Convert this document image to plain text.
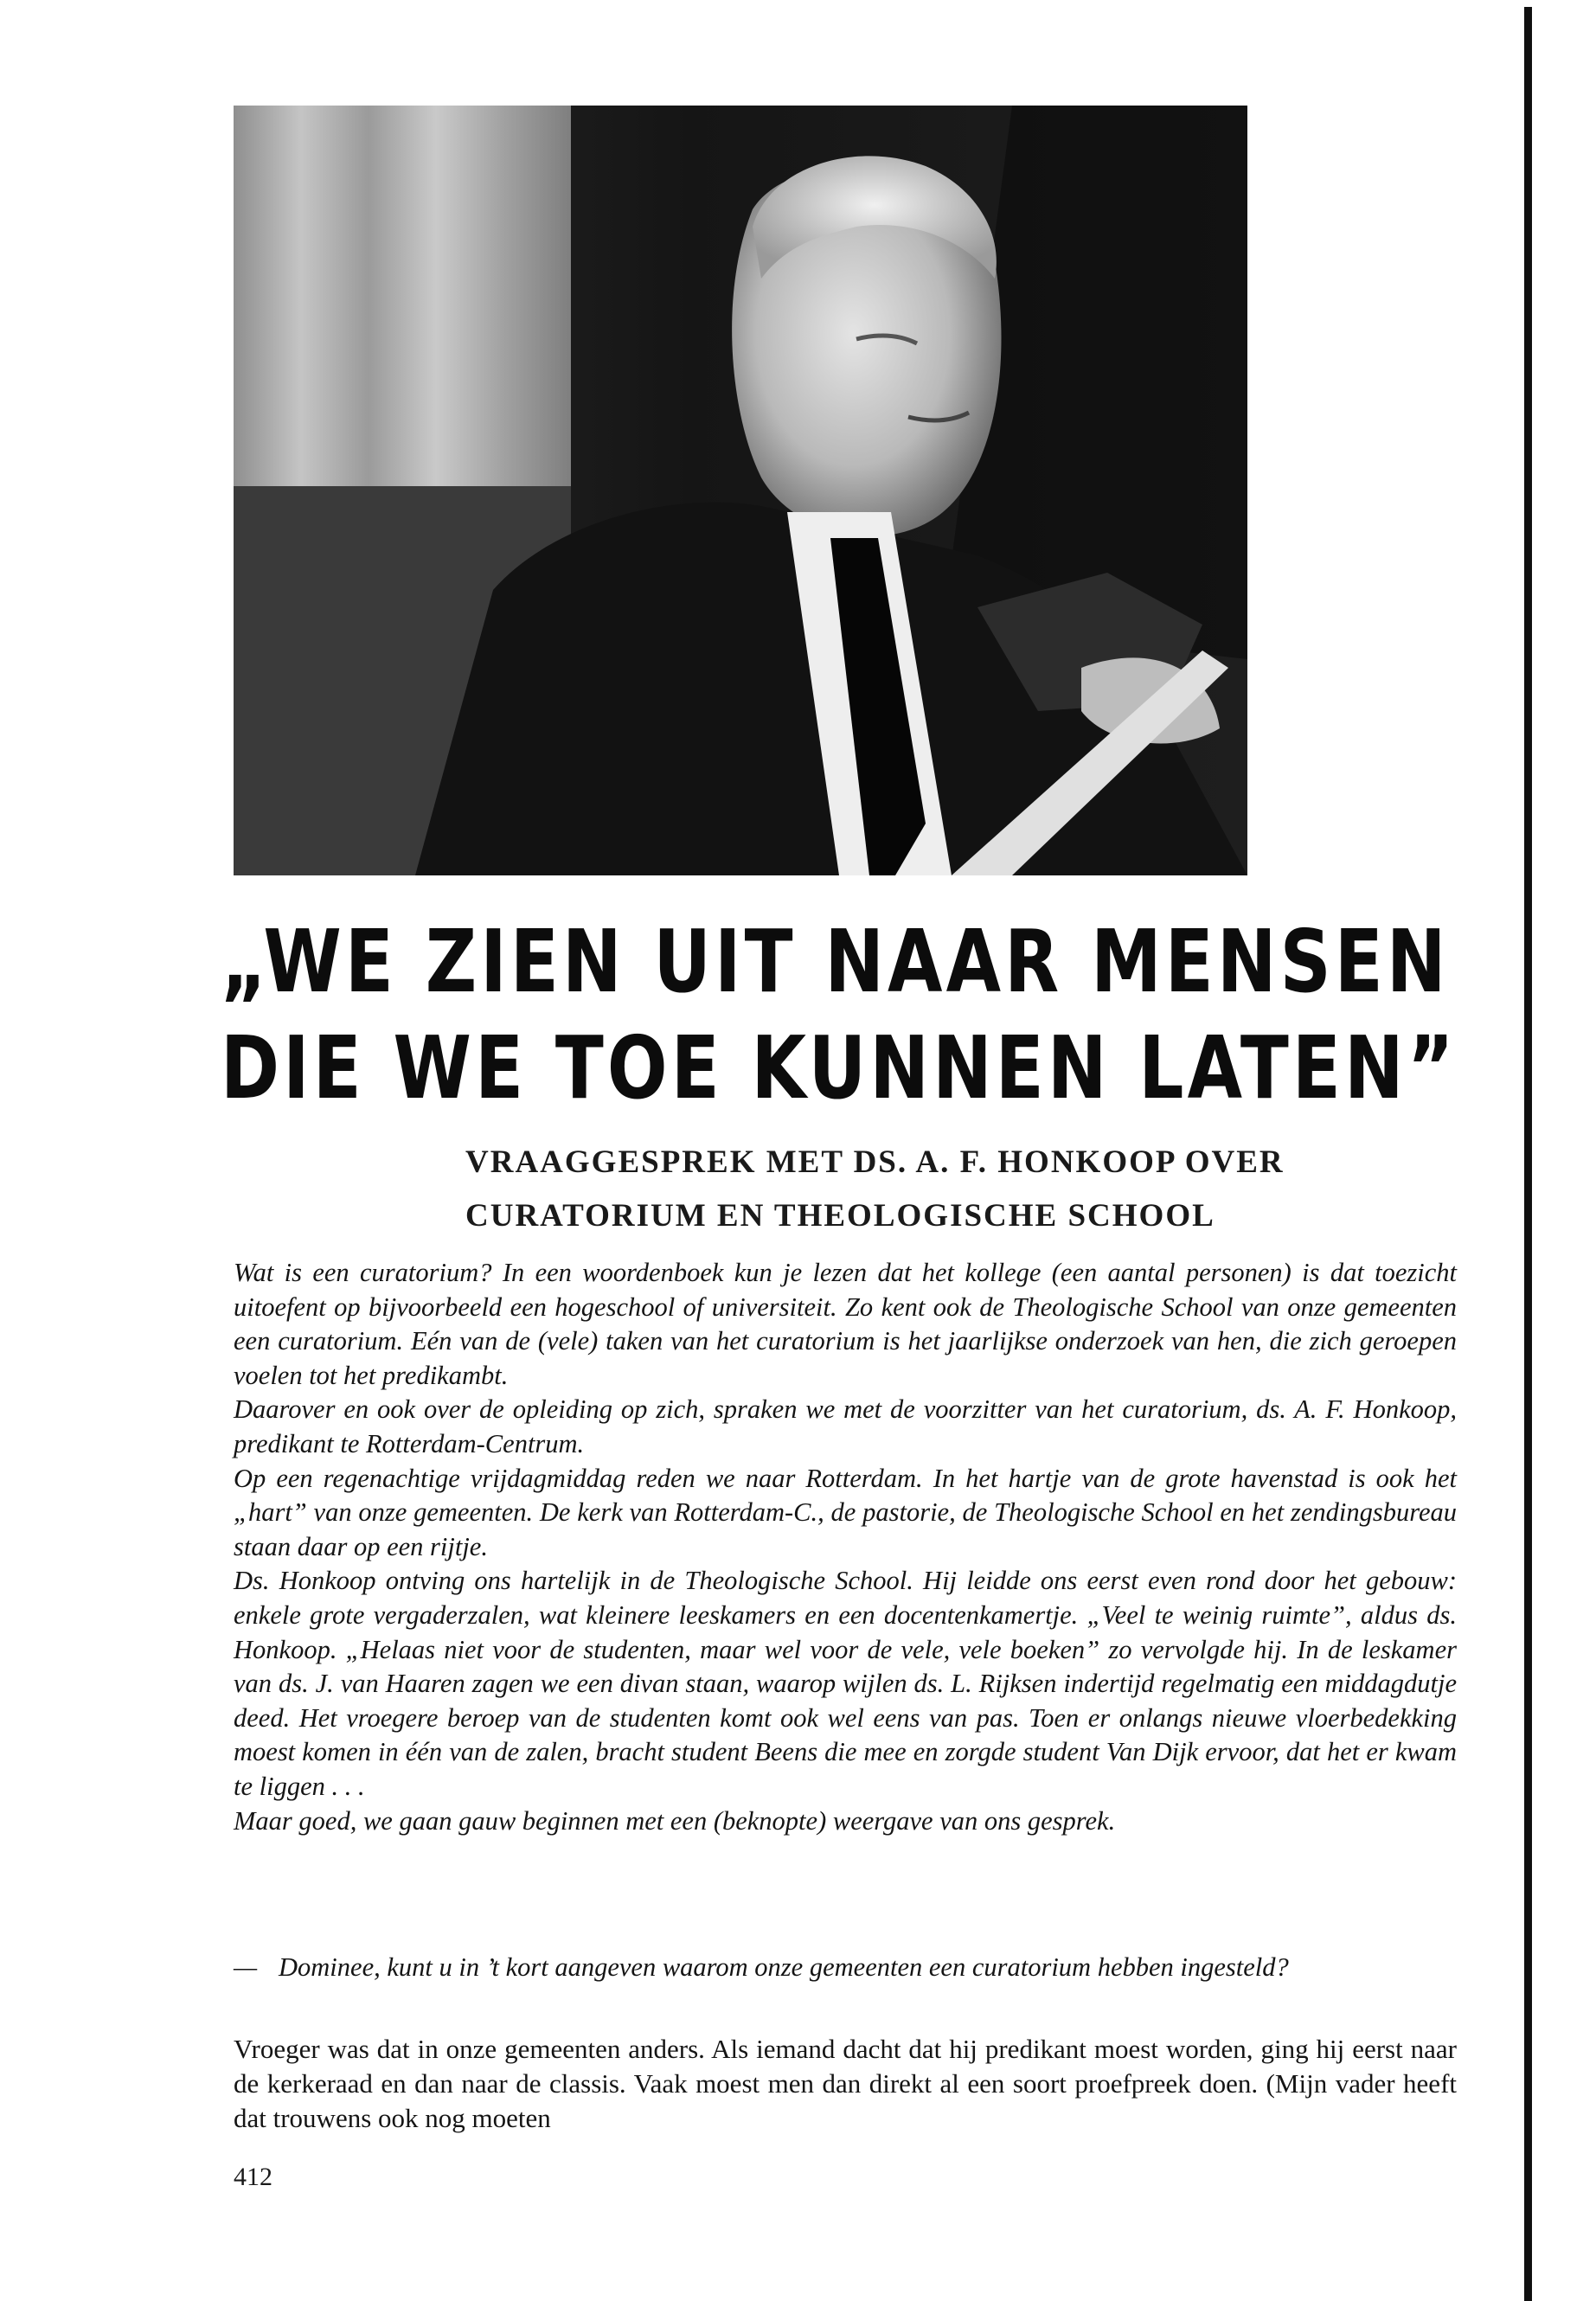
„WE ZIEN UIT NAAR MENSEN
DIE WE TOE KUNNEN LATEN”
VRAAGGESPREK MET DS. A. F. HONKOOP OVER
CURATORIUM EN THEOLOGISCHE SCHOOL

Wat is een curatorium? In een woordenboek kun je lezen dat het kollege (een aantal personen) is dat toezicht uitoefent op bijvoorbeeld een hogeschool of universiteit. Zo kent ook de Theologische School van onze gemeenten een curatorium. Eén van de (vele) taken van het curatorium is het jaarlijkse onderzoek van hen, die zich geroepen voelen tot het predikambt.

Daarover en ook over de opleiding op zich, spraken we met de voorzitter van het curatorium, ds. A. F. Honkoop, predikant te Rotterdam-Centrum.

Op een regenachtige vrijdagmiddag reden we naar Rotterdam. In het hartje van de grote havenstad is ook het „hart” van onze gemeenten. De kerk van Rotterdam-C., de pastorie, de Theologische School en het zendingsbureau staan daar op een rijtje.

Ds. Honkoop ontving ons hartelijk in de Theologische School. Hij leidde ons eerst even rond door het gebouw: enkele grote vergaderzalen, wat kleinere leeskamers en een docentenkamertje. „Veel te weinig ruimte”, aldus ds. Honkoop. „Helaas niet voor de studenten, maar wel voor de vele, vele boeken” zo vervolgde hij. In de leskamer van ds. J. van Haaren zagen we een divan staan, waarop wijlen ds. L. Rijksen indertijd regelmatig een middagdutje deed. Het vroegere beroep van de studenten komt ook wel eens van pas. Toen er onlangs nieuwe vloerbedekking moest komen in één van de zalen, bracht student Beens die mee en zorgde student Van Dijk ervoor, dat het er kwam te liggen . . .

Maar goed, we gaan gauw beginnen met een (beknopte) weergave van ons gesprek.

— Dominee, kunt u in ’t kort aangeven waarom onze gemeenten een curatorium hebben ingesteld?

Vroeger was dat in onze gemeenten anders. Als iemand dacht dat hij predikant moest worden, ging hij eerst naar de kerkeraad en dan naar de classis. Vaak moest men dan direkt al een soort proefpreek doen. (Mijn vader heeft dat trouwens ook nog moeten

412
